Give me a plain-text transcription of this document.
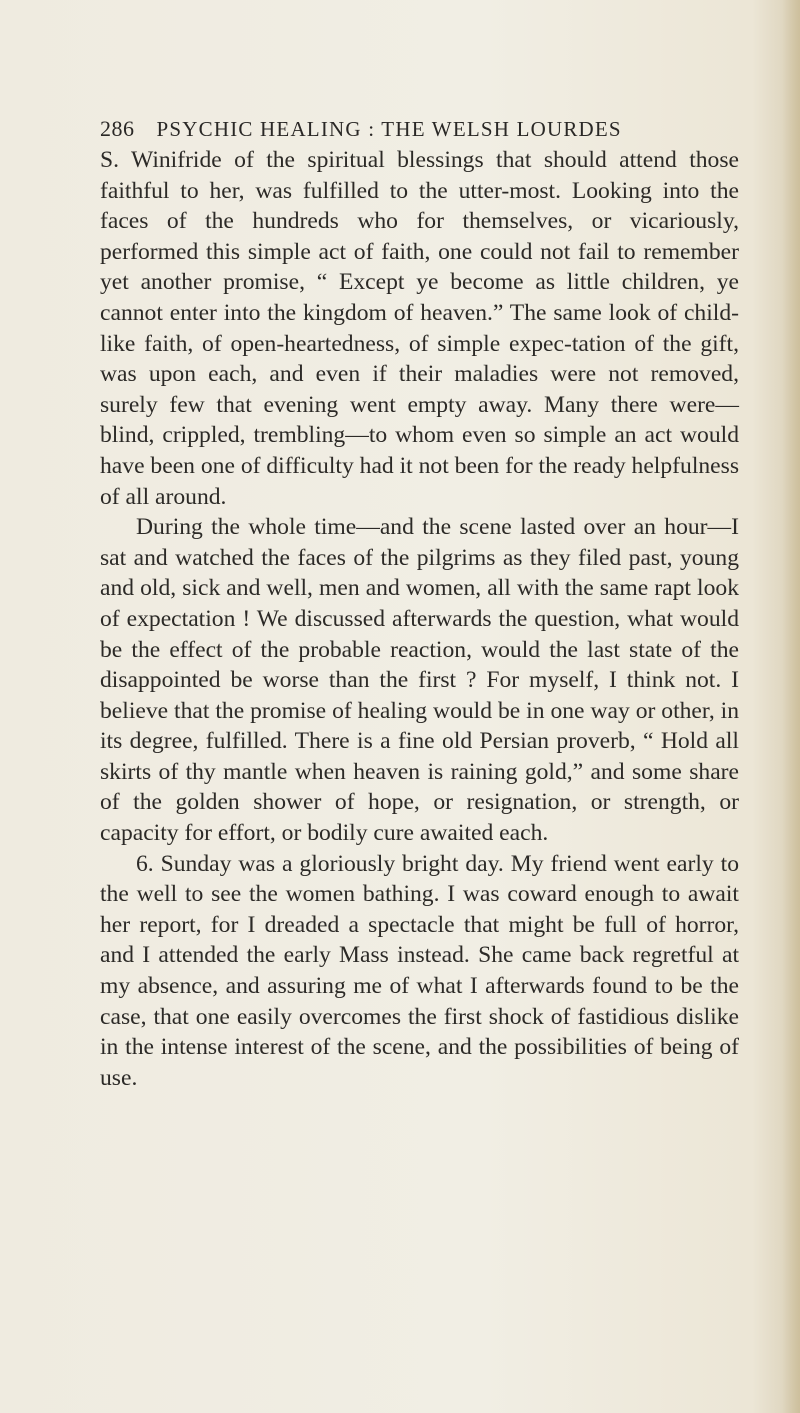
286 PSYCHIC HEALING : THE WELSH LOURDES

S. Winifride of the spiritual blessings that should attend those faithful to her, was fulfilled to the utter-most. Looking into the faces of the hundreds who for themselves, or vicariously, performed this simple act of faith, one could not fail to remember yet another promise, “ Except ye become as little children, ye cannot enter into the kingdom of heaven.” The same look of child-like faith, of open-heartedness, of simple expec-tation of the gift, was upon each, and even if their maladies were not removed, surely few that evening went empty away. Many there were—blind, crippled, trembling—to whom even so simple an act would have been one of difficulty had it not been for the ready helpfulness of all around.

During the whole time—and the scene lasted over an hour—I sat and watched the faces of the pilgrims as they filed past, young and old, sick and well, men and women, all with the same rapt look of expectation ! We discussed afterwards the question, what would be the effect of the probable reaction, would the last state of the disappointed be worse than the first ? For myself, I think not. I believe that the promise of healing would be in one way or other, in its degree, fulfilled. There is a fine old Persian proverb, “ Hold all skirts of thy mantle when heaven is raining gold,” and some share of the golden shower of hope, or resignation, or strength, or capacity for effort, or bodily cure awaited each.

6. Sunday was a gloriously bright day. My friend went early to the well to see the women bathing. I was coward enough to await her report, for I dreaded a spectacle that might be full of horror, and I attended the early Mass instead. She came back regretful at my absence, and assuring me of what I afterwards found to be the case, that one easily overcomes the first shock of fastidious dislike in the intense interest of the scene, and the possibilities of being of use.
